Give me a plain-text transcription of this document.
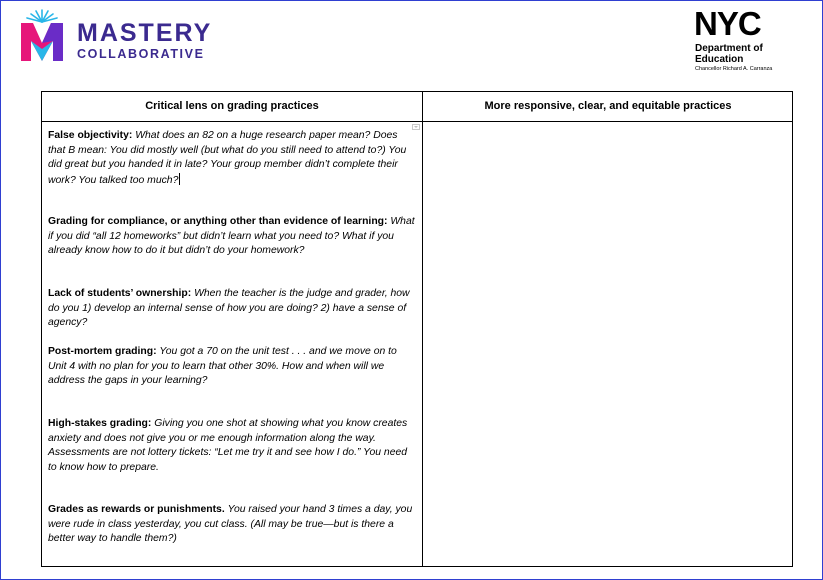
MASTERY
COLLABORATIVE
NYC
Department of
Education
Chancellor Richard A. Carranza
Critical lens on grading practices	More responsive, clear, and equitable practices
False objectivity: What does an 82 on a huge research paper mean? Does that B mean: You did mostly well (but what do you still need to attend to?) You did great but you handed it in late? Your group member didn’t complete their work? You talked too much?
Grading for compliance, or anything other than evidence of learning: What if you did “all 12 homeworks” but didn’t learn what you need to? What if you already know how to do it but didn’t do your homework?
Lack of students’ ownership: When the teacher is the judge and grader, how do you 1) develop an internal sense of how you are doing? 2) have a sense of agency?
Post-mortem grading: You got a 70 on the unit test . . . and we move on to Unit 4 with no plan for you to learn that other 30%. How and when will we address the gaps in your learning?
High-stakes grading: Giving you one shot at showing what you know creates anxiety and does not give you or me enough information along the way. Assessments are not lottery tickets: “Let me try it and see how I do.” You need to know how to prepare.
Grades as rewards or punishments. You raised your hand 3 times a day, you were rude in class yesterday, you cut class. (All may be true—but is there a better way to handle them?)
